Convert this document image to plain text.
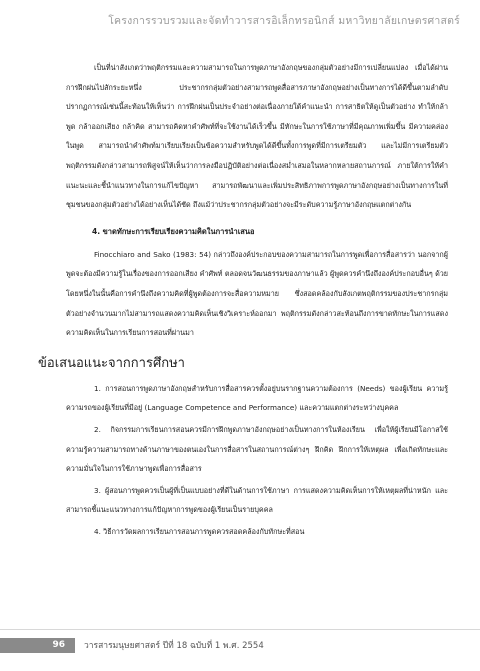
โครงการรวบรวมและจัดทำวารสารอิเล็กทรอนิกส์ มหาวิทยาลัยเกษตรศาสตร์

เป็นที่น่าสังเกตว่าพฤติกรรมและความสามารถในการพูดภาษาอังกฤษของกลุ่มตัวอย่างมีการเปลี่ยนแปลง เมื่อได้ผ่านการฝึกฝนไปสักระยะหนึ่ง ประชากรกลุ่มตัวอย่างสามารถพูดสื่อสารภาษาอังกฤษอย่างเป็นทางการได้ดีขึ้นตามลำดับ ปรากฏการณ์เช่นนี้สะท้อนให้เห็นว่า การฝึกฝนเป็นประจำอย่างต่อเนื่องภายใต้คำแนะนำ การสาธิตให้ดูเป็นตัวอย่าง ทำให้กล้าพูด กล้าออกเสียง กล้าคิด สามารถคิดหาคำศัพท์ที่จะใช้งานได้เร็วขึ้น มีทักษะในการใช้ภาษาที่มีคุณภาพเพิ่มขึ้น มีความคล่องในพูด สามารถนำคำศัพท์มาเรียบเรียงเป็นข้อความสำหรับพูดได้ดีขึ้นทั้งการพูดที่มีการเตรียมตัว และไม่มีการเตรียมตัว พฤติกรรมดังกล่าวสามารถพิสูจน์ให้เห็นว่าการลงมือปฏิบัติอย่างต่อเนื่องสม่ำเสมอในหลากหลายสถานการณ์ ภายใต้การให้คำแนะนะและชี้นำแนวทางในการแก้ไขปัญหา สามารถพัฒนาและเพิ่มประสิทธิภาพการพูดภาษาอังกฤษอย่างเป็นทางการในที่ชุมชนของกลุ่มตัวอย่างได้อย่างเห็นได้ชัด ถึงแม้ว่าประชากรกลุ่มตัวอย่างจะมีระดับความรู้ภาษาอังกฤษแตกต่างกัน

4. ขาดทักษะการเรียบเรียงความคิดในการนำเสนอ

Finocchiaro and Sako (1983: 54) กล่าวถึงองค์ประกอบของความสามารถในการพูดเพื่อการสื่อสารว่า นอกจากผู้พูดจะต้องมีความรู้ในเรื่องของการออกเสียง คำศัพท์ ตลอดจนวัฒนธรรมของภาษาแล้ว ผู้พูดควรคำนึงถึงองค์ประกอบอื่นๆ ด้วย โดยหนึ่งในนั้นคือการคำนึงถึงความคิดที่ผู้พูดต้องการจะสื่อความหมาย ซึ่งสอดคล้องกับสังเกตพฤติกรรมของประชากรกลุ่มตัวอย่างจำนวนมากไม่สามารถแสดงความคิดเห็นเชิงวิเคราะห์ออกมา พฤติกรรมดังกล่าวสะท้อนถึงการขาดทักษะในการแสดงความคิดเห็นในการเรียนการสอนที่ผ่านมา

ข้อเสนอแนะจากการศึกษา
1. การสอนการพูดภาษาอังกฤษสำหรับการสื่อสารควรตั้งอยู่บนรากฐานความต้องการ (Needs) ของผู้เรียน ความรู้ความรถของผู้เรียนที่มีอยู่ (Language Competence and Performance) และความแตกต่างระหว่างบุคคล
2. กิจกรรมการเรียนการสอนควรมีการฝึกพูดภาษาอังกฤษอย่างเป็นทางการในห้องเรียน เพื่อให้ผู้เรียนมีโอกาสใช้ความรู้ความสามารถทางด้านภาษาของตนเองในการสื่อสารในสถานการณ์ต่างๆ ฝึกคิด ฝึกการให้เหตุผล เพื่อเกิดทักษะและความมั่นใจในการใช้ภาษาพูดเพื่อการสื่อสาร
3. ผู้สอนการพูดควรเป็นผู้ที่เป็นแบบอย่างที่ดีในด้านการใช้ภาษา การแสดงความคิดเห็นการให้เหตุผลที่น่าหนัก และสามารถชี้แนะแนวทางการแก้ปัญหาการพูดของผู้เรียนเป็นรายบุคคล
4. วิธีการวัดผลการเรียนการสอนการพูดควรสอดคล้องกับทักษะที่สอน
96	วารสารมนุษยศาสตร์ ปีที่ 18 ฉบับที่ 1 พ.ศ. 2554
